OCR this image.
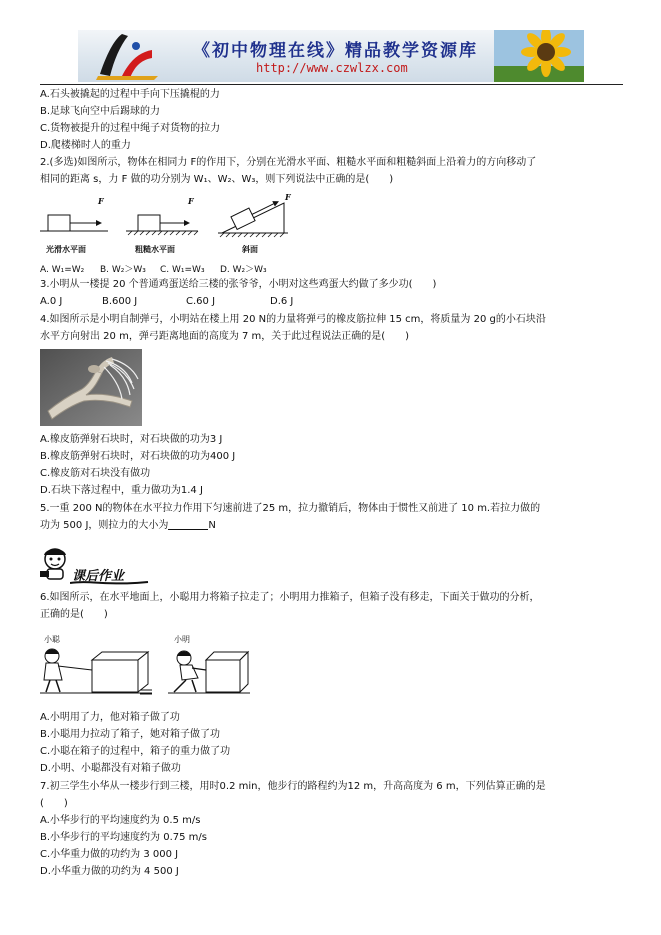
《初中物理在线》精品教学资源库
http://www.czwlzx.com
A.石头被撬起的过程中手向下压撬棍的力
B.足球飞向空中后踢球的力
C.货物被提升的过程中绳子对货物的拉力
D.爬楼梯时人的重力
2.(多选)如图所示，物体在相同力 F的作用下，分别在光滑水平面、粗糙水平面和粗糙斜面上沿着力的方向移动了
相同的距离 s，力 F 做的功分别为 W₁、W₂、W₃，则下列说法中正确的是(　　)
F	F	F
光滑水平面	粗糙水平面	斜面
A. W₁=W₂ B. W₂＞W₃ C. W₁=W₃ D. W₂＞W₃
3.小明从一楼提 20 个普通鸡蛋送给三楼的张爷爷，小明对这些鸡蛋大约做了多少功(　　)
A.0 J	B.600 J	C.60 J	D.6 J
4.如图所示是小明自制弹弓，小明站在楼上用 20 N的力量将弹弓的橡皮筋拉伸 15 cm，将质量为 20 g的小石块沿
水平方向射出 20 m，弹弓距离地面的高度为 7 m，关于此过程说法正确的是(　　)
A.橡皮筋弹射石块时，对石块做的功为3 J
B.橡皮筋弹射石块时，对石块做的功为400 J
C.橡皮筋对石块没有做功
D.石块下落过程中，重力做功为1.4 J
5.一重 200 N的物体在水平拉力作用下匀速前进了25 m，拉力撤销后，物体由于惯性又前进了 10 m.若拉力做的
功为 500 J，则拉力的大小为	N
课后作业
6.如图所示，在水平地面上，小聪用力将箱子拉走了；小明用力推箱子，但箱子没有移走，下面关于做功的分析，
正确的是(　　)
小聪	小明
A.小明用了力，他对箱子做了功
B.小聪用力拉动了箱子，她对箱子做了功
C.小聪在箱子的过程中，箱子的重力做了功
D.小明、小聪都没有对箱子做功
7.初三学生小华从一楼步行到三楼，用时0.2 min，他步行的路程约为12 m，升高高度为 6 m，下列估算正确的是
(　　)
A.小华步行的平均速度约为 0.5 m/s
B.小华步行的平均速度约为 0.75 m/s
C.小华重力做的功约为 3 000 J
D.小华重力做的功约为 4 500 J
